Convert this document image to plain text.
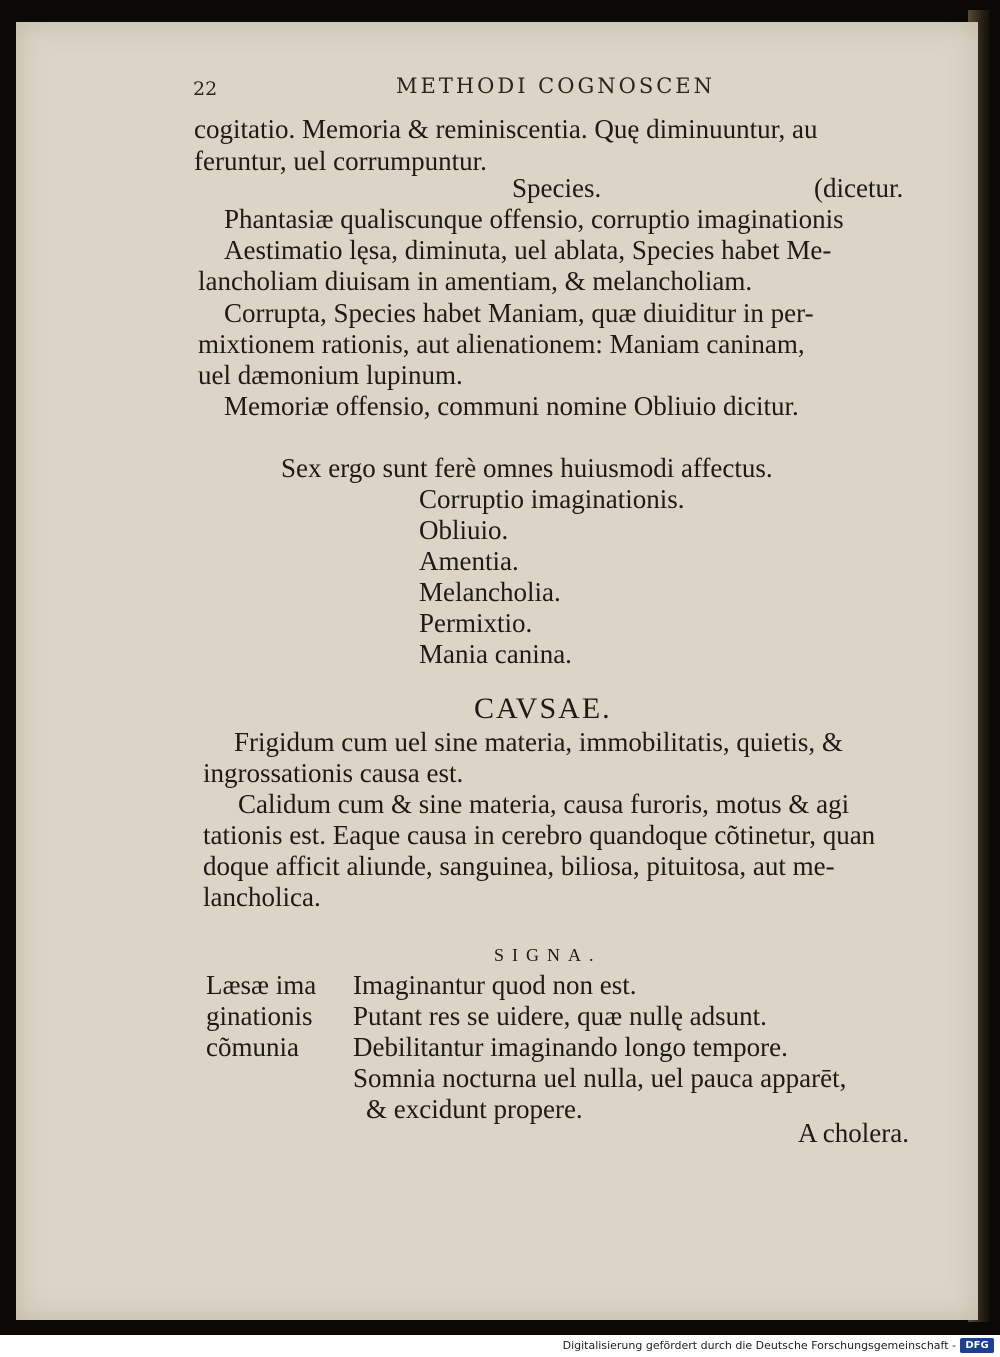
22	METHODI COGNOSCEN
cogitatio. Memoria & reminiscentia. Quę diminuuntur, au
feruntur, uel corrumpuntur.
Species.	(dicetur.
Phantasiæ qualiscunque offensio, corruptio imaginationis
Aestimatio lęsa, diminuta, uel ablata, Species habet Me-
lancholiam diuisam in amentiam, & melancholiam.
Corrupta, Species habet Maniam, quæ diuiditur in per-
mixtionem rationis, aut alienationem: Maniam caninam,
uel dæmonium lupinum.
Memoriæ offensio, communi nomine Obliuio dicitur.
Sex ergo sunt ferè omnes huiusmodi affectus.
Corruptio imaginationis.
Obliuio.
Amentia.
Melancholia.
Permixtio.
Mania canina.
CAVSAE.
Frigidum cum uel sine materia, immobilitatis, quietis, &
ingrossationis causa est.
Calidum cum & sine materia, causa furoris, motus & agi
tationis est. Eaque causa in cerebro quandoque cõtinetur, quan
doque afficit aliunde, sanguinea, biliosa, pituitosa, aut me-
lancholica.
SIGNA.
Læsæ ima
ginationis
cõmunia
Imaginantur quod non est.
Putant res se uidere, quæ nullę adsunt.
Debilitantur imaginando longo tempore.
Somnia nocturna uel nulla, uel pauca apparēt,
& excidunt propere.
A cholera.
Digitalisierung gefördert durch die Deutsche Forschungsgemeinschaft - DFG
